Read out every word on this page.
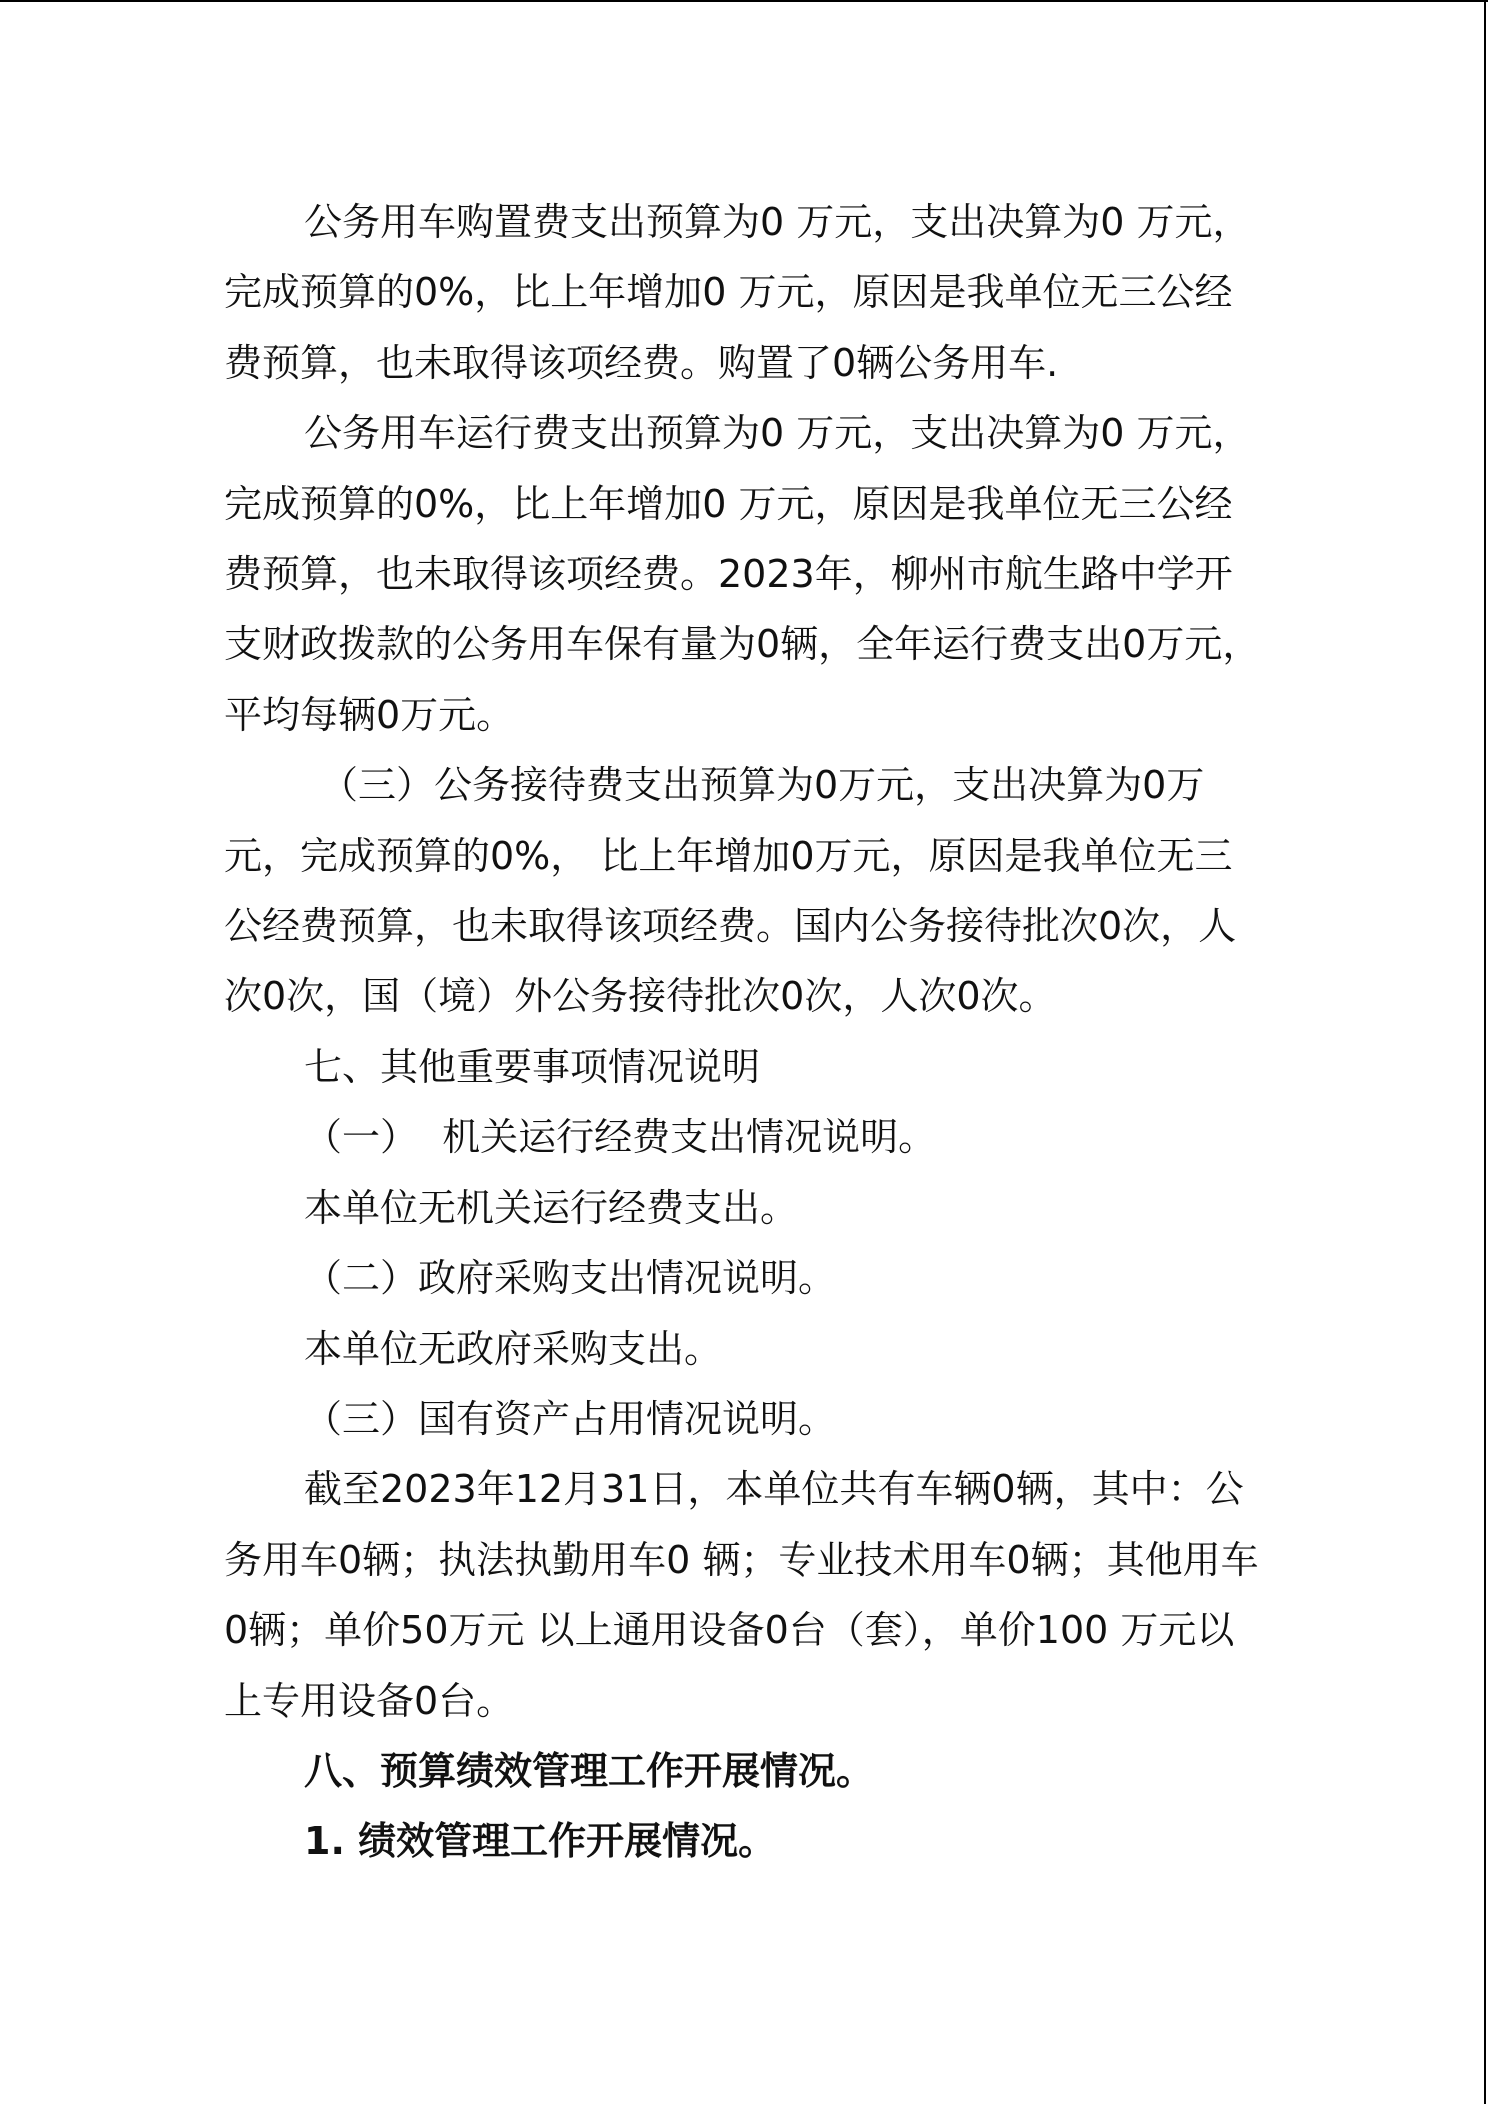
公务用车购置费支出预算为0 万元，支出决算为0 万元，完成预算的0%，比上年增加0 万元，原因是我单位无三公经费预算，也未取得该项经费。购置了0辆公务用车.

公务用车运行费支出预算为0 万元，支出决算为0 万元，完成预算的0%，比上年增加0 万元，原因是我单位无三公经费预算，也未取得该项经费。2023年，柳州市航生路中学开支财政拨款的公务用车保有量为0辆，全年运行费支出0万元，平均每辆0万元。

（三）公务接待费支出预算为0万元，支出决算为0万元，完成预算的0%， 比上年增加0万元，原因是我单位无三公经费预算，也未取得该项经费。国内公务接待批次0次，人次0次，国（境）外公务接待批次0次，人次0次。

七、其他重要事项情况说明

（一）  机关运行经费支出情况说明。

本单位无机关运行经费支出。

（二）政府采购支出情况说明。

本单位无政府采购支出。

（三）国有资产占用情况说明。

截至2023年12月31日，本单位共有车辆0辆，其中：公务用车0辆；执法执勤用车0 辆；专业技术用车0辆；其他用车0辆；单价50万元 以上通用设备0台（套），单价100 万元以上专用设备0台。

八、预算绩效管理工作开展情况。

1. 绩效管理工作开展情况。
